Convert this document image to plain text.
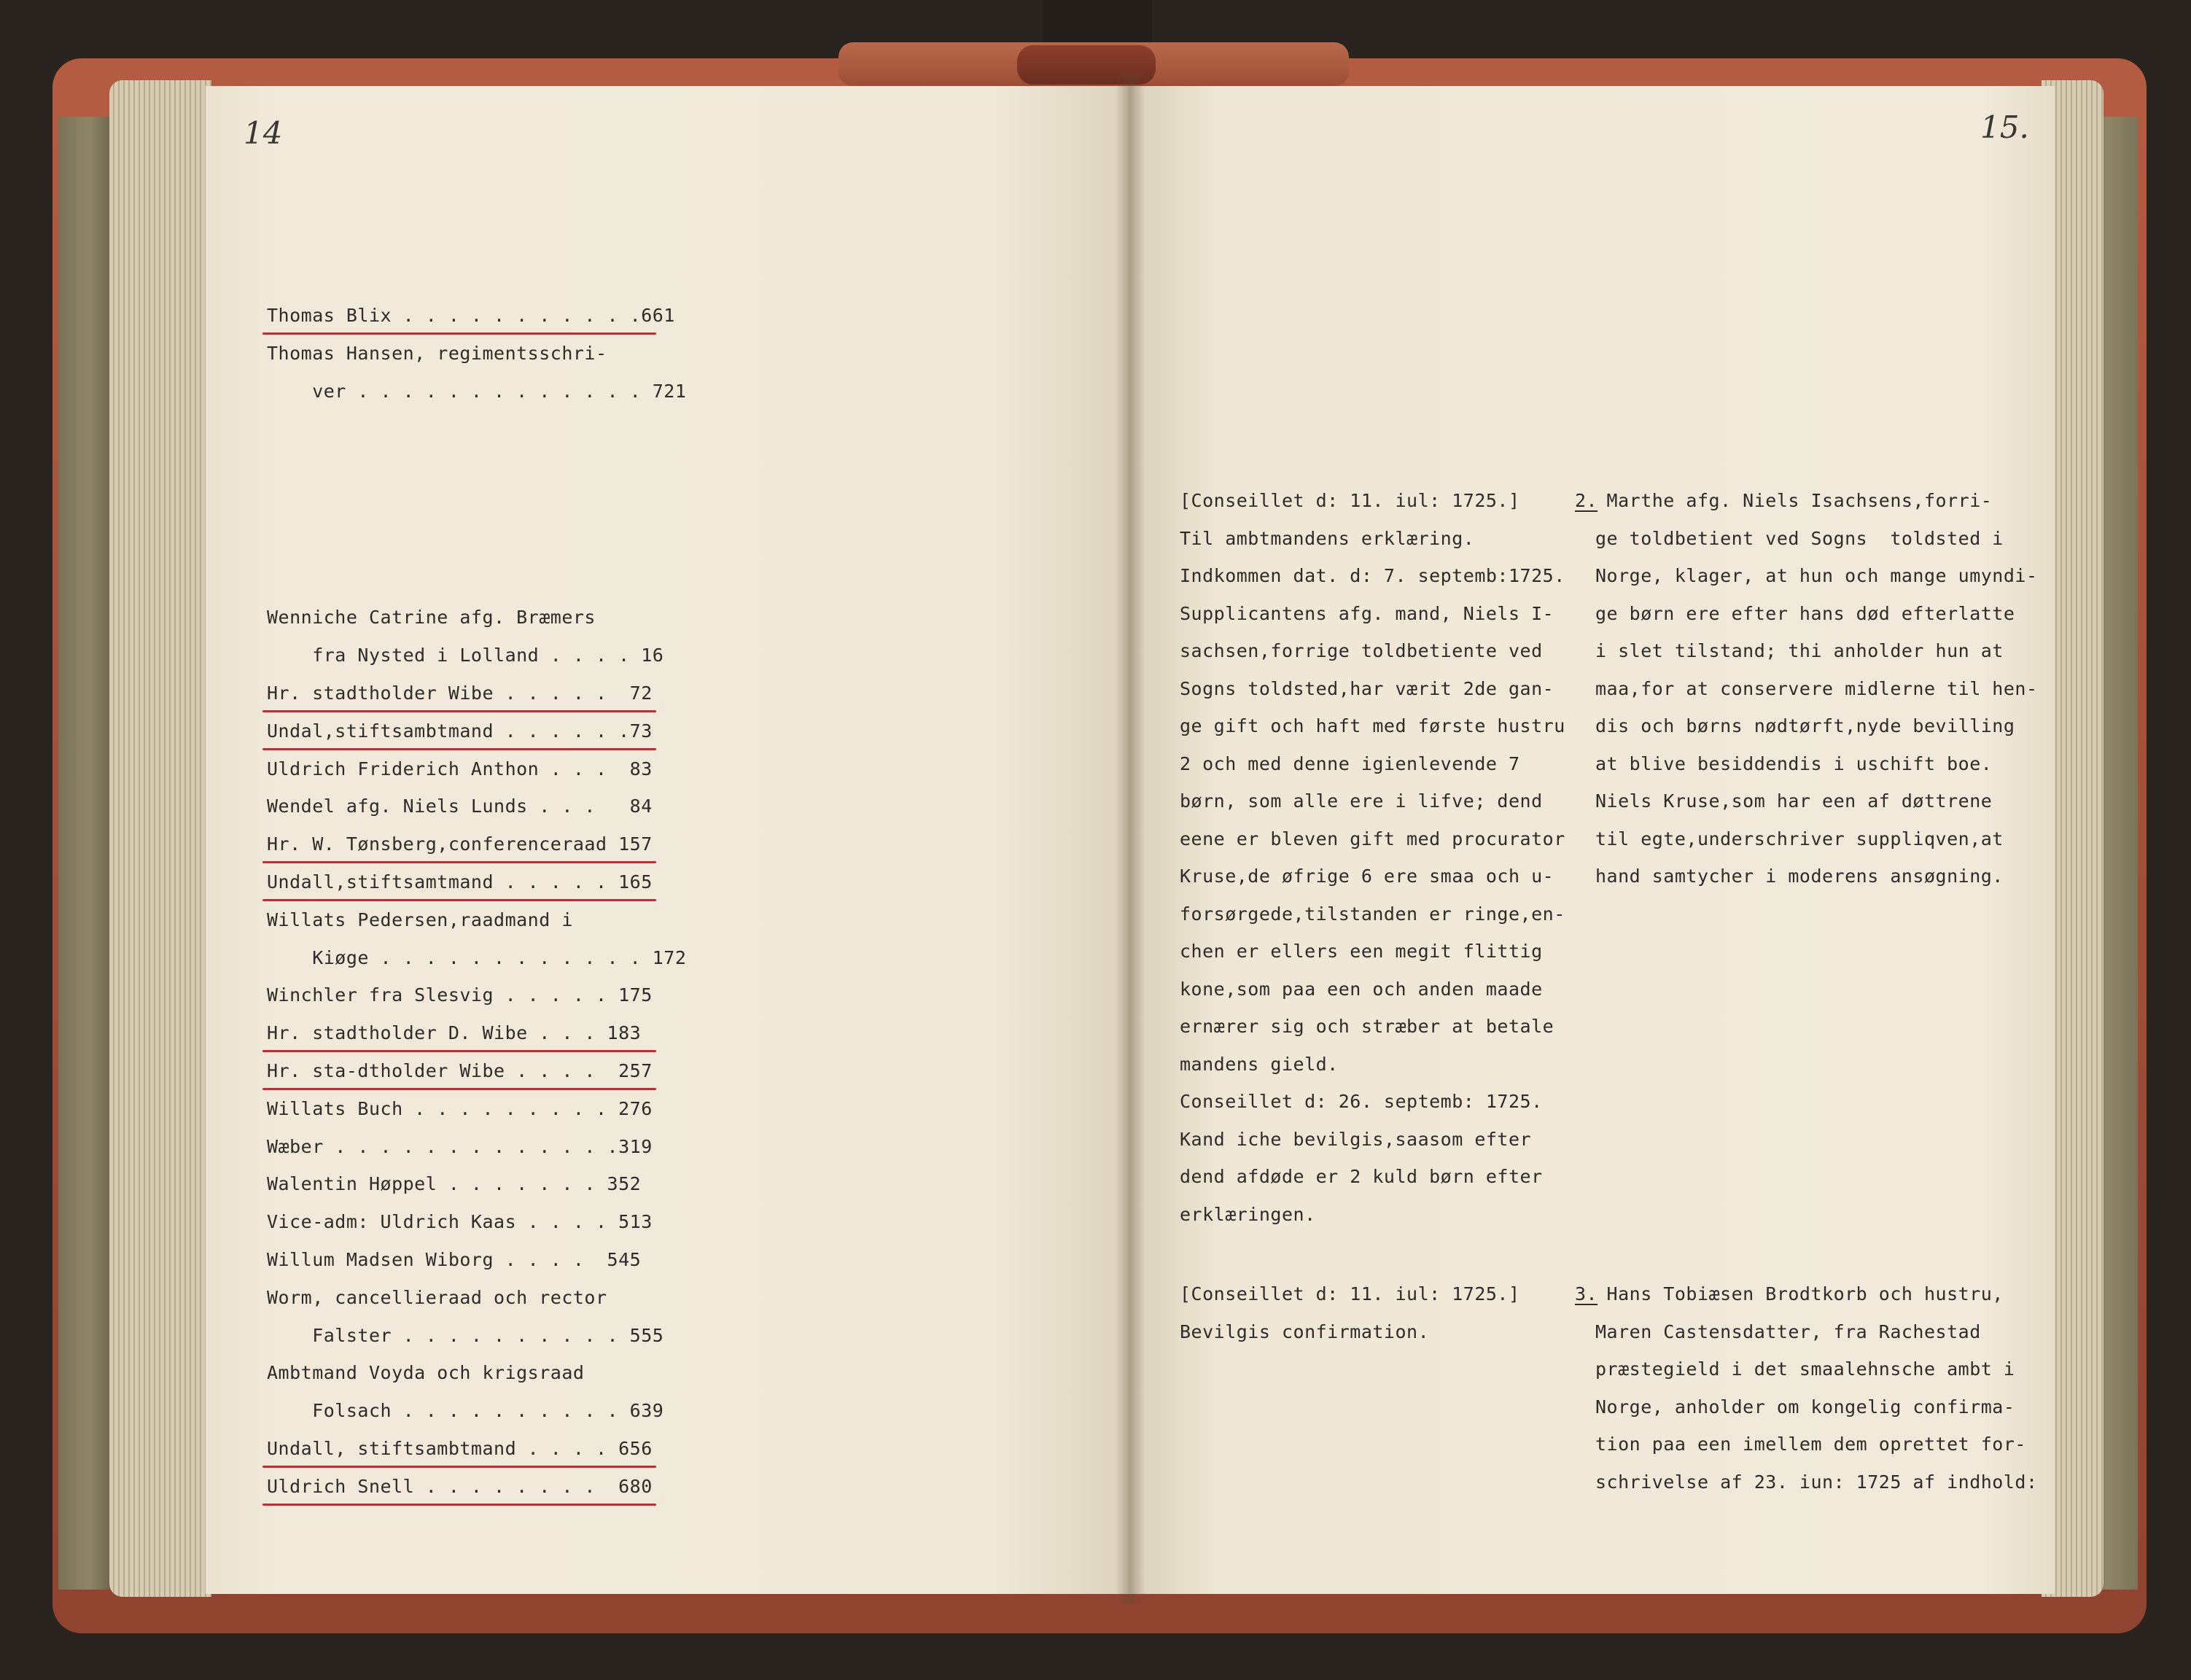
14
Thomas Blix . . . . . . . . . . .661
Thomas Hansen, regimentsschri-
ver . . . . . . . . . . . . . 721
Wenniche Catrine afg. Bræmers
fra Nysted i Lolland . . . . 16
Hr. stadtholder Wibe . . . . .  72
Undal,stiftsambtmand . . . . . .73
Uldrich Friderich Anthon . . .  83
Wendel afg. Niels Lunds . . .   84
Hr. W. Tønsberg,conferenceraad 157
Undall,stiftsamtmand . . . . . 165
Willats Pedersen,raadmand i
Kiøge . . . . . . . . . . . . 172
Winchler fra Slesvig . . . . . 175
Hr. stadtholder D. Wibe . . . 183
Hr. sta-dtholder Wibe . . . .  257
Willats Buch . . . . . . . . . 276
Wæber . . . . . . . . . . . . .319
Walentin Høppel . . . . . . . 352
Vice-adm: Uldrich Kaas . . . . 513
Willum Madsen Wiborg . . . .  545
Worm, cancellieraad och rector
Falster . . . . . . . . . . 555
Ambtmand Voyda och krigsraad
Folsach . . . . . . . . . . 639
Undall, stiftsambtmand . . . . 656
Uldrich Snell . . . . . . . .  680
15.
[Conseillet d: 11. iul: 1725.]
Til ambtmandens erklæring.
Indkommen dat. d: 7. septemb:1725.
Supplicantens afg. mand, Niels I-
sachsen,forrige toldbetiente ved
Sogns toldsted,har værit 2de gan-
ge gift och haft med første hustru
2 och med denne igienlevende 7
børn, som alle ere i lifve; dend
eene er bleven gift med procurator
Kruse,de øfrige 6 ere smaa och u-
forsørgede,tilstanden er ringe,en-
chen er ellers een megit flittig
kone,som paa een och anden maade
ernærer sig och stræber at betale
mandens gield.
Conseillet d: 26. septemb: 1725.
Kand iche bevilgis,saasom efter
dend afdøde er 2 kuld børn efter
erklæringen.
2.
Marthe afg. Niels Isachsens,forri-
ge toldbetient ved Sogns  toldsted i
Norge, klager, at hun och mange umyndi-
ge børn ere efter hans død efterlatte
i slet tilstand; thi anholder hun at
maa,for at conservere midlerne til hen-
dis och børns nødtørft,nyde bevilling
at blive besiddendis i uschift boe.
Niels Kruse,som har een af døttrene
til egte,underschriver suppliqven,at
hand samtycher i moderens ansøgning.
[Conseillet d: 11. iul: 1725.]
Bevilgis confirmation.
3.
Hans Tobiæsen Brodtkorb och hustru,
Maren Castensdatter, fra Rachestad
præstegield i det smaalehnsche ambt i
Norge, anholder om kongelig confirma-
tion paa een imellem dem oprettet for-
schrivelse af 23. iun: 1725 af indhold:
